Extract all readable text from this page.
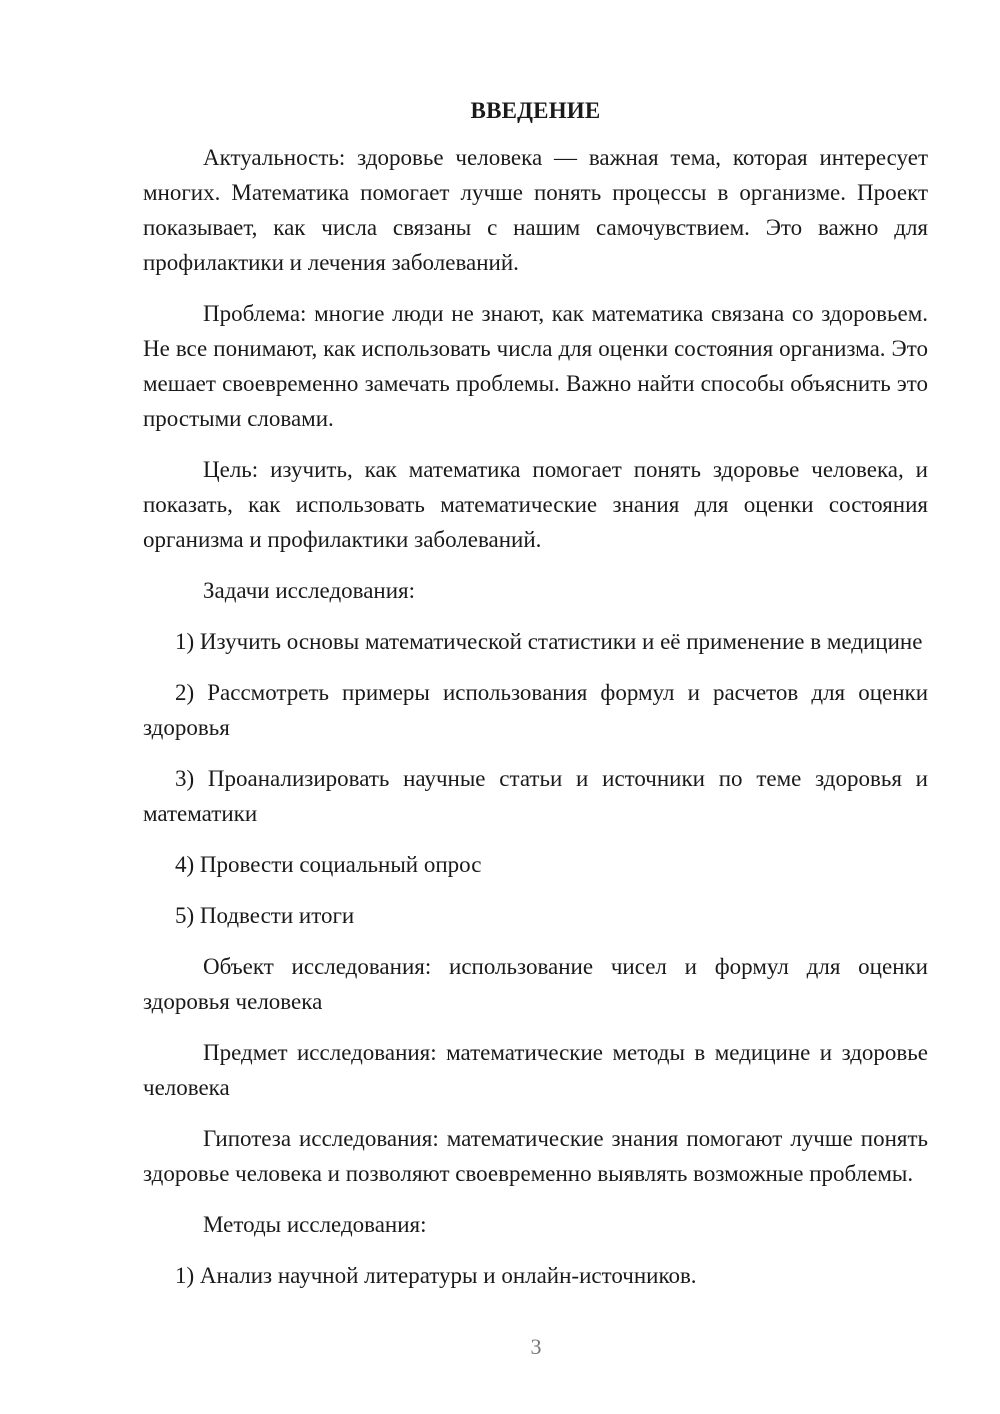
ВВЕДЕНИЕ

Актуальность: здоровье человека — важная тема, которая интересует многих. Математика помогает лучше понять процессы в организме. Проект показывает, как числа связаны с нашим самочувствием. Это важно для профилактики и лечения заболеваний.

Проблема: многие люди не знают, как математика связана со здоровьем. Не все понимают, как использовать числа для оценки состояния организма. Это мешает своевременно замечать проблемы. Важно найти способы объяснить это простыми словами.

Цель: изучить, как математика помогает понять здоровье человека, и показать, как использовать математические знания для оценки состояния организма и профилактики заболеваний.

Задачи исследования:

1) Изучить основы математической статистики и её применение в медицине

2) Рассмотреть примеры использования формул и расчетов для оценки здоровья

3) Проанализировать научные статьи и источники по теме здоровья и математики

4) Провести социальный опрос

5) Подвести итоги

Объект исследования: использование чисел и формул для оценки здоровья человека

Предмет исследования: математические методы в медицине и здоровье человека

Гипотеза исследования: математические знания помогают лучше понять здоровье человека и позволяют своевременно выявлять возможные проблемы.

Методы исследования:

1) Анализ научной литературы и онлайн-источников.

3
